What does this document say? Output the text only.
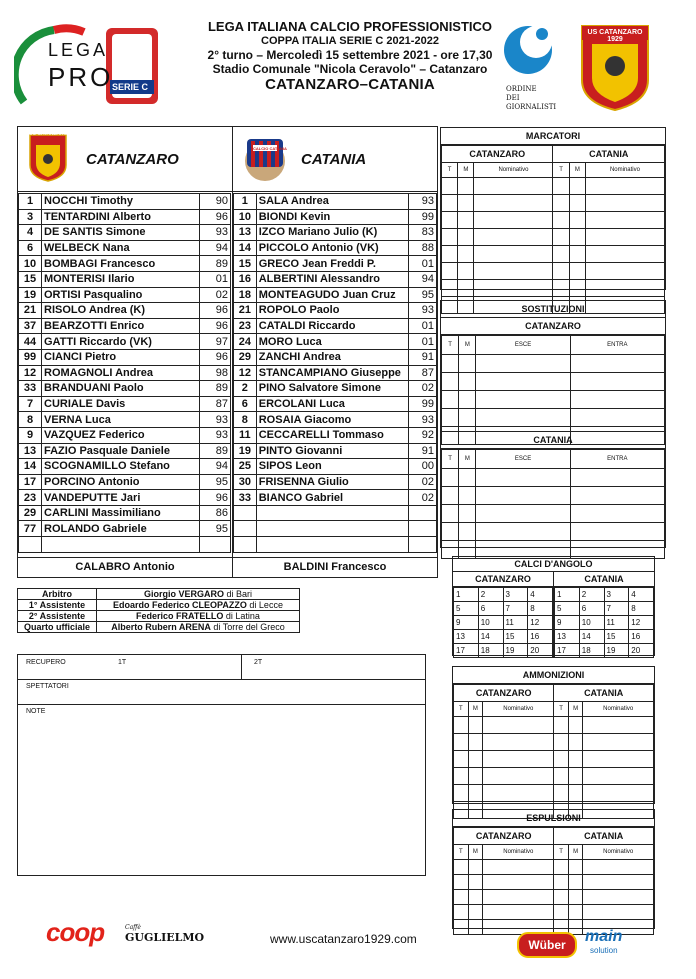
LEGA ITALIANA CALCIO PROFESSIONISTICO
COPPA ITALIA SERIE C 2021-2022
2° turno – Mercoledì 15 settembre 2021 - ore 17,30
Stadio Comunale "Nicola Ceravolo" – Catanzaro
CATANZARO–CATANIA
LEGA
PRO
SERIE C	ORDINE
DEI
GIORNALISTI
US CATANZARO 1929
US CATANZARO 1929
CATANZARO
1	NOCCHI Timothy	90
3	TENTARDINI Alberto	96
4	DE SANTIS Simone	93
6	WELBECK Nana	94
10	BOMBAGI Francesco	89
15	MONTERISI Ilario	01
19	ORTISI Pasqualino	02
21	RISOLO Andrea (K)	96
37	BEARZOTTI Enrico	96
44	GATTI Riccardo (VK)	97
99	CIANCI Pietro	96
12	ROMAGNOLI Andrea	98
33	BRANDUANI Paolo	89
7	CURIALE Davis	87
8	VERNA Luca	93
9	VAZQUEZ Federico	93
13	FAZIO Pasquale Daniele	89
14	SCOGNAMILLO Stefano	94
17	PORCINO Antonio	95
23	VANDEPUTTE Jari	96
29	CARLINI Massimiliano	86
77	ROLANDO Gabriele	95

CALCIO CATANIA
CATANIA
1	SALA Andrea	93
10	BIONDI Kevin	99
13	IZCO Mariano Julio (K)	83
14	PICCOLO Antonio (VK)	88
15	GRECO Jean Freddi P.	01
16	ALBERTINI Alessandro	94
18	MONTEAGUDO Juan Cruz	95
21	ROPOLO Paolo	93
23	CATALDI Riccardo	01
24	MORO Luca	01
29	ZANCHI Andrea	91
12	STANCAMPIANO Giuseppe	87
2	PINO Salvatore Simone	02
6	ERCOLANI Luca	99
8	ROSAIA Giacomo	93
11	CECCARELLI Tommaso	92
19	PINTO Giovanni	91
25	SIPOS Leon	00
30	FRISENNA Giulio	02
33	BIANCO Gabriel	02

CALABRO Antonio	BALDINI Francesco
Arbitro	Giorgio VERGARO di Bari
1° Assistente	Edoardo Federico CLEOPAZZO di Lecce
2° Assistente	Federico FRATELLO di Latina
Quarto ufficiale	Alberto Rubern ARENA di Torre del Greco
RECUPERO	1T	2T
SPETTATORI
NOTE
MARCATORI
CATANZARO			CATANIA		
T	M	Nominativo	T	M	Nominativo

SOSTITUZIONI
CATANZARO
T	M	ESCE	ENTRA

CATANIA
T	M	ESCE	ENTRA

CALCI D'ANGOLO
CATANZARO
1	2	3	4
5	6	7	8
9	10	11	12
13	14	15	16
17	18	19	20
CATANIA
1	2	3	4
5	6	7	8
9	10	11	12
13	14	15	16
17	18	19	20
AMMONIZIONI
CATANZARO			CATANIA		
T	M	Nominativo	T	M	Nominativo

ESPULSIONI
CATANZARO			CATANIA		
T	M	Nominativo	T	M	Nominativo

coop	Caffè
GUGLIELMO	www.uscatanzaro1929.com	Wüber	main
solution
